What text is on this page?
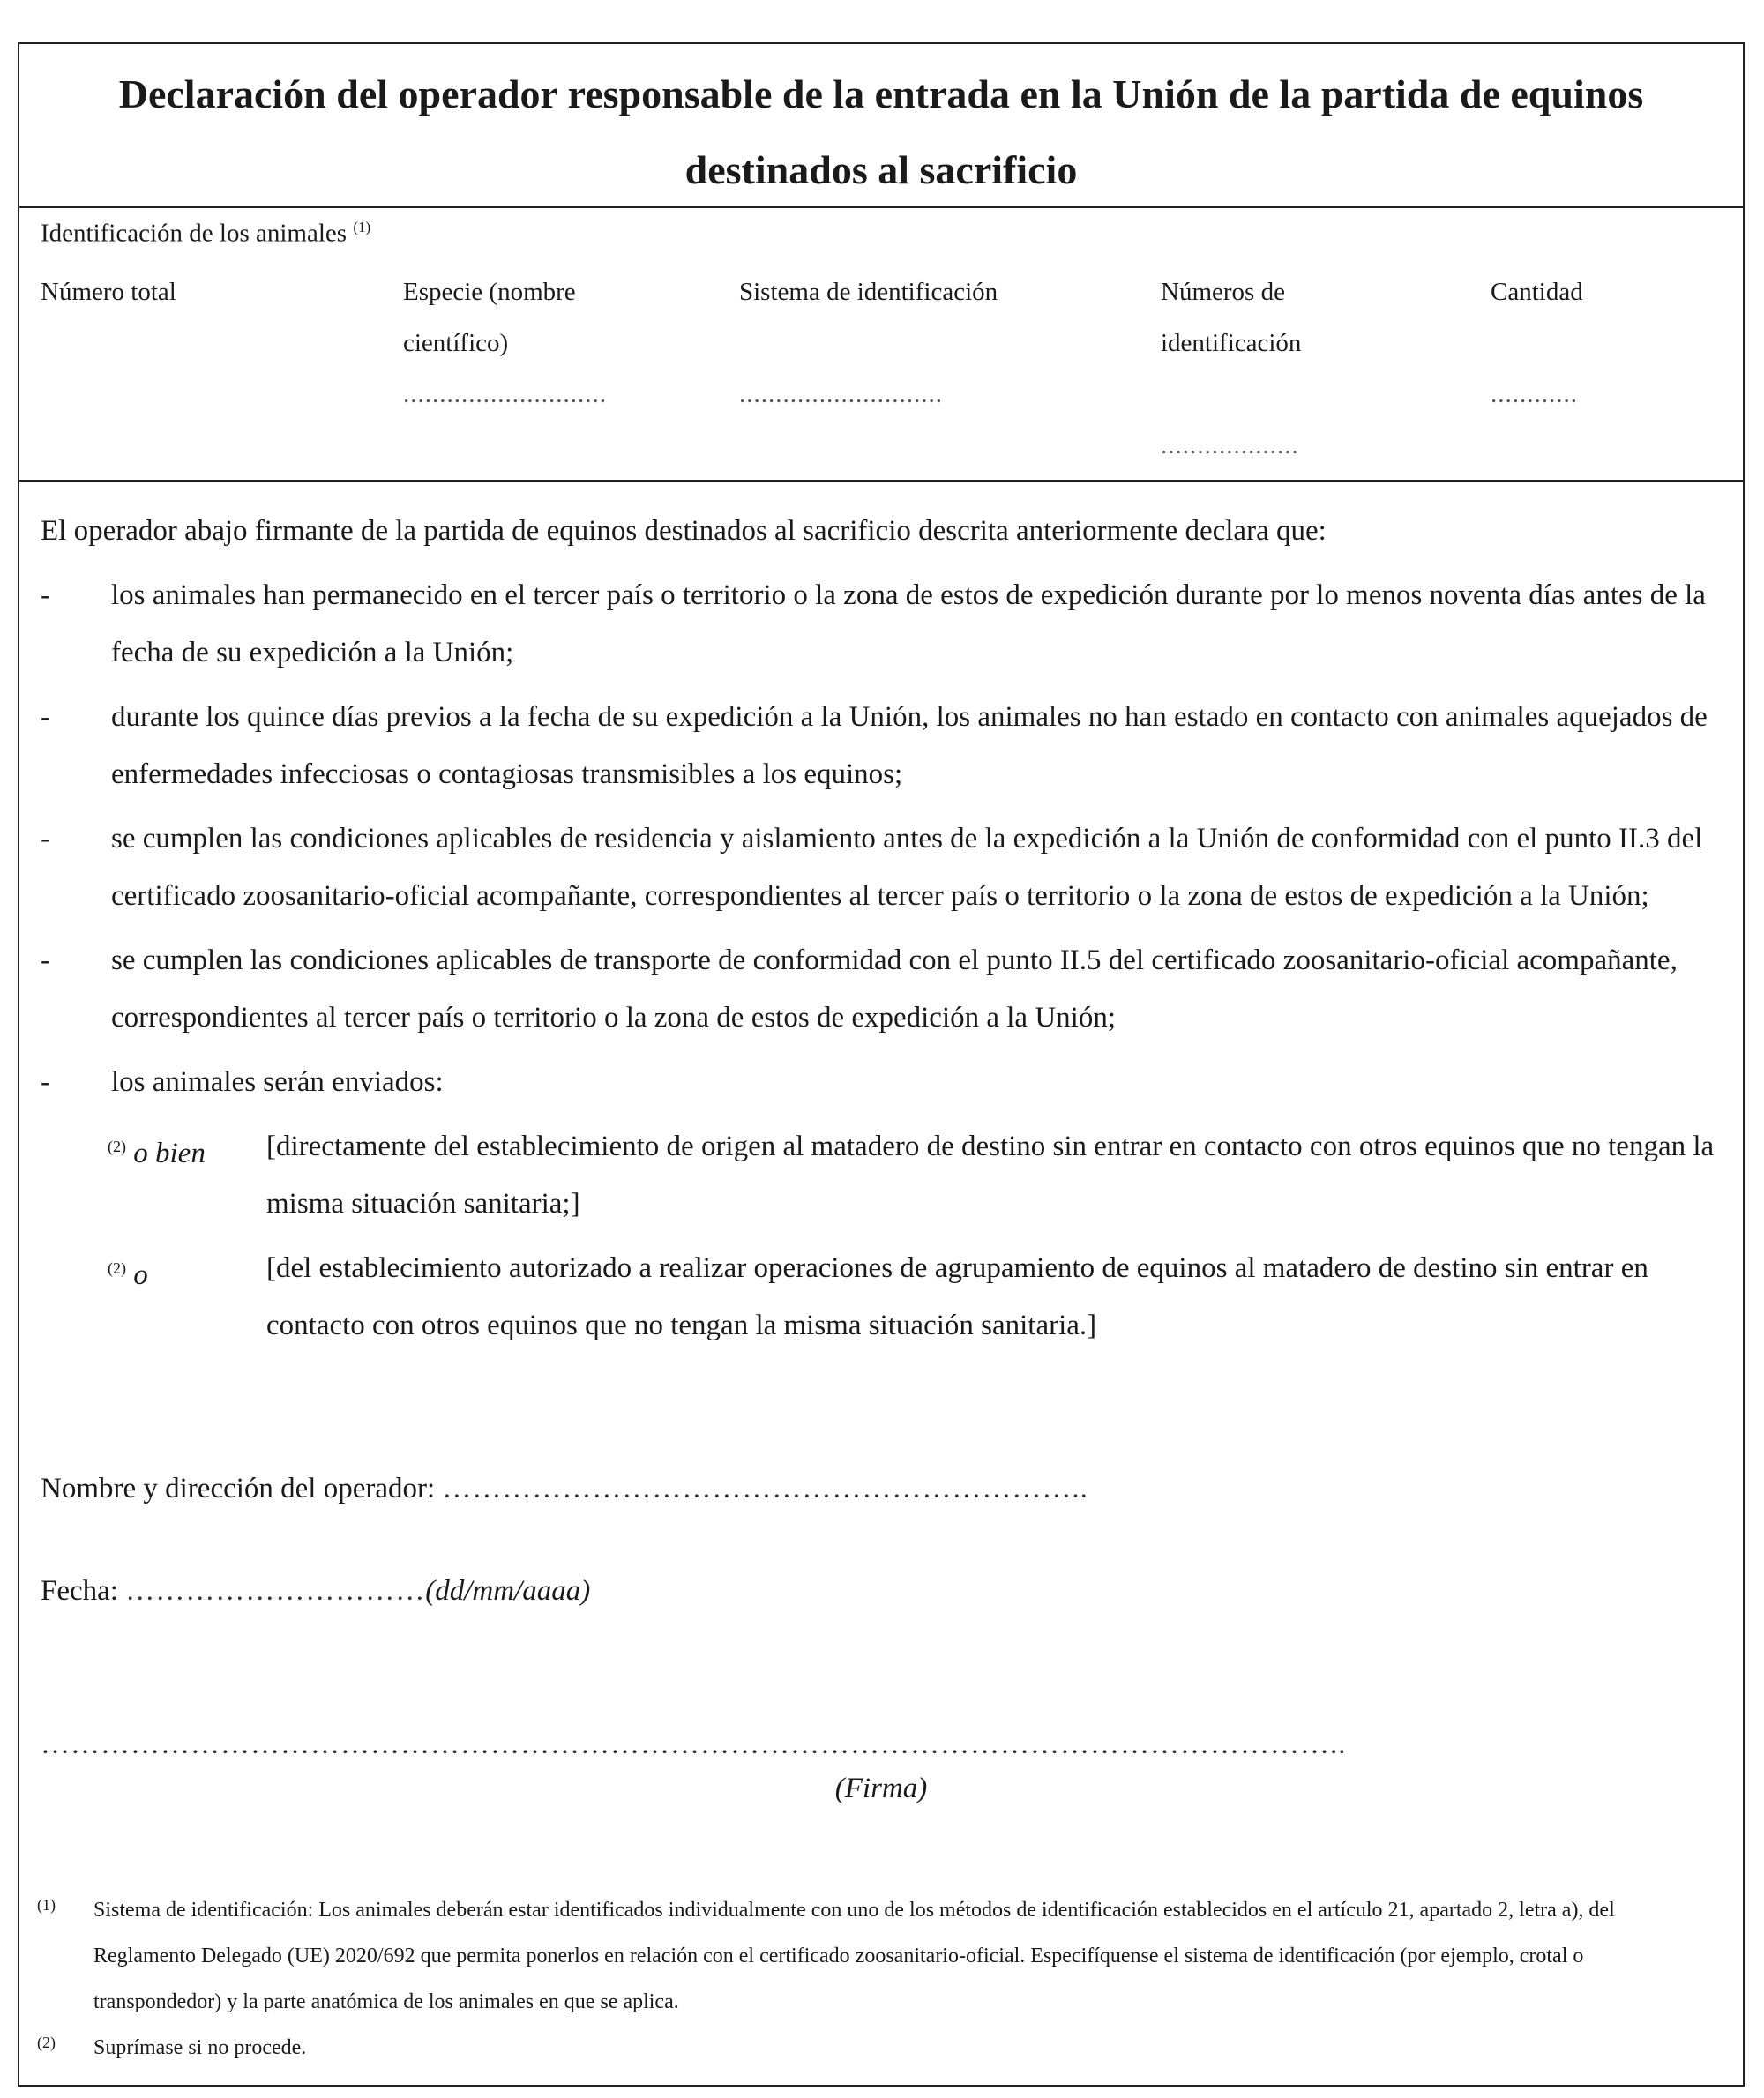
Declaración del operador responsable de la entrada en la Unión de la partida de equinos
destinados al sacrificio
Identificación de los animales $^{(1)}$
Número total	Especie (nombre
científico)
............................
Sistema de identificación

............................
Números de
identificación

...................
Cantidad

............

El operador abajo firmante de la partida de equinos destinados al sacrificio descrita anteriormente declara que:

- los animales han permanecido en el tercer país o territorio o la zona de estos de expedición durante por lo menos noventa días antes de la fecha de su expedición a la Unión;

- durante los quince días previos a la fecha de su expedición a la Unión, los animales no han estado en contacto con animales aquejados de enfermedades infecciosas o contagiosas transmisibles a los equinos;

- se cumplen las condiciones aplicables de residencia y aislamiento antes de la expedición a la Unión de conformidad con el punto II.3 del certificado zoosanitario-oficial acompañante, correspondientes al tercer país o territorio o la zona de estos de expedición a la Unión;

- se cumplen las condiciones aplicables de transporte de conformidad con el punto II.5 del certificado zoosanitario-oficial acompañante, correspondientes al tercer país o territorio o la zona de estos de expedición a la Unión;

- los animales serán enviados:

$^{(2)}$ o bien [directamente del establecimiento de origen al matadero de destino sin entrar en contacto con otros equinos que no tengan la misma situación sanitaria;]

$^{(2)}$ o	[del establecimiento autorizado a realizar operaciones de agrupamiento de equinos al matadero de destino sin entrar en contacto con otros equinos que no tengan la misma situación sanitaria.]

Nombre y dirección del operador: ………………………………………………………..
Fecha: …………………………(dd/mm/aaaa)
…………………………………………………………………………………………………………………..
(Firma)
(1) Sistema de identificación: Los animales deberán estar identificados individualmente con uno de los métodos de identificación establecidos en el artículo 21, apartado 2, letra a), del Reglamento Delegado (UE) 2020/692 que permita ponerlos en relación con el certificado zoosanitario-oficial. Especifíquense el sistema de identificación (por ejemplo, crotal o transpondedor) y la parte anatómica de los animales en que se aplica.
(2) Suprímase si no procede.
